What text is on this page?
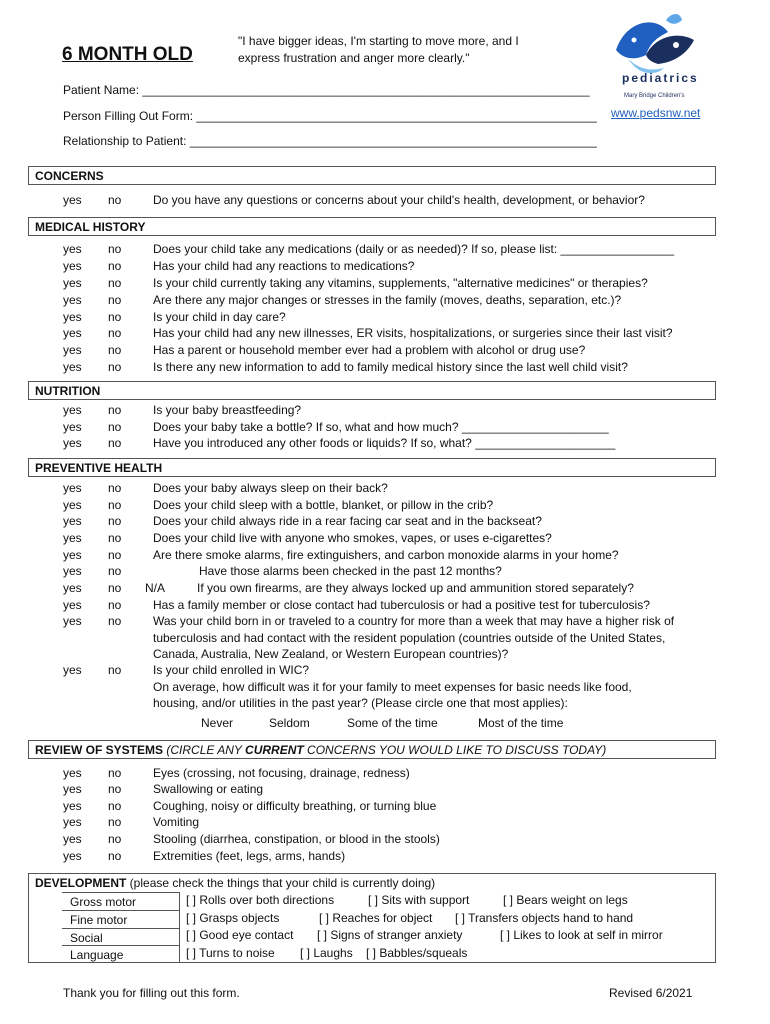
6 MONTH OLD
"I have bigger ideas, I'm starting to move more, and I express frustration and anger more clearly."
Patient Name: ___________________________________________________________________
Person Filling Out Form: ____________________________________________________________
Relationship to Patient: _____________________________________________________________
pediatrics
Mary Bridge Children's
www.pedsnw.net
CONCERNS
yes no	Do you have any questions or concerns about your child's health, development, or behavior?
MEDICAL HISTORY
yes no	Does your child take any medications (daily or as needed)? If so, please list: _________________
yes no	Has your child had any reactions to medications?
yes no	Is your child currently taking any vitamins, supplements, "alternative medicines" or therapies?
yes no	Are there any major changes or stresses in the family (moves, deaths, separation, etc.)?
yes no	Is your child in day care?
yes no	Has your child had any new illnesses, ER visits, hospitalizations, or surgeries since their last visit?
yes no	Has a parent or household member ever had a problem with alcohol or drug use?
yes no	Is there any new information to add to family medical history since the last well child visit?
NUTRITION
yes no	Is your baby breastfeeding?
yes no	Does your baby take a bottle? If so, what and how much? ______________________
yes no	Have you introduced any other foods or liquids? If so, what? _____________________
PREVENTIVE HEALTH
yes no	Does your baby always sleep on their back?
yes no	Does your child sleep with a bottle, blanket, or pillow in the crib?
yes no	Does your child always ride in a rear facing car seat and in the backseat?
yes no	Does your child live with anyone who smokes, vapes, or uses e-cigarettes?
yes no	Are there smoke alarms, fire extinguishers, and carbon monoxide alarms in your home?
yes no	Have those alarms been checked in the past 12 months?
yes no N/A	If you own firearms, are they always locked up and ammunition stored separately?
yes no	Has a family member or close contact had tuberculosis or had a positive test for tuberculosis?
yes no	Was your child born in or traveled to a country for more than a week that may have a higher risk of
tuberculosis and had contact with the resident population (countries outside of the United States,
Canada, Australia, New Zealand, or Western European countries)?
yes no	Is your child enrolled in WIC?
On average, how difficult was it for your family to meet expenses for basic needs like food,
housing, and/or utilities in the past year? (Please circle one that most applies):
Never	Seldom	Some of the time	Most of the time
REVIEW OF SYSTEMS (CIRCLE ANY CURRENT CONCERNS YOU WOULD LIKE TO DISCUSS TODAY)
yes no	Eyes (crossing, not focusing, drainage, redness)
yes no	Swallowing or eating
yes no	Coughing, noisy or difficulty breathing, or turning blue
yes no	Vomiting
yes no	Stooling (diarrhea, constipation, or blood in the stools)
yes no	Extremities (feet, legs, arms, hands)
DEVELOPMENT (please check the things that your child is currently doing)
Gross motor	[ ] Rolls over both directions	[ ] Sits with support	[ ] Bears weight on legs
Fine motor	[ ] Grasps objects	[ ] Reaches for object [ ] Transfers objects hand to hand
Social	[ ] Good eye contact [ ] Signs of stranger anxiety	[ ] Likes to look at self in mirror
Language	[ ] Turns to noise [ ] Laughs [ ] Babbles/squeals
Thank you for filling out this form.	Revised 6/2021
